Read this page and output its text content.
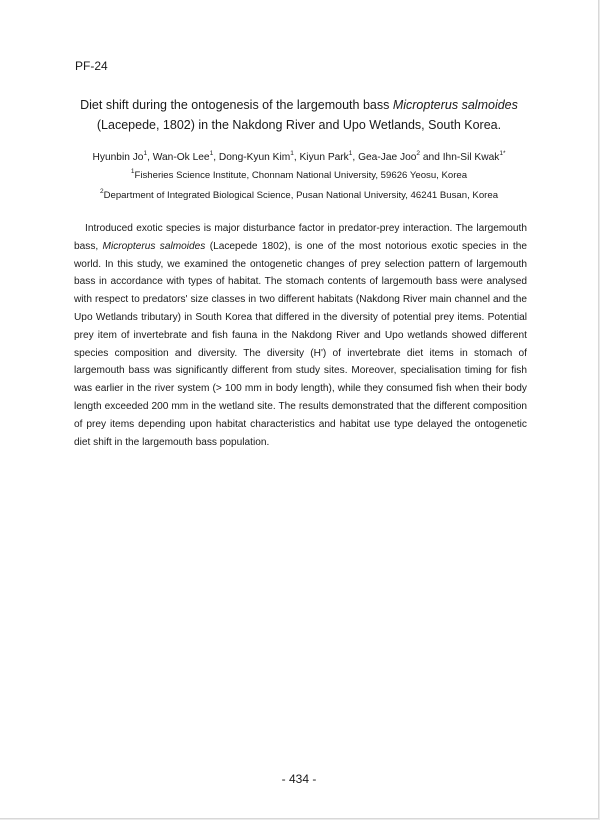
PF-24
Diet shift during the ontogenesis of the largemouth bass Micropterus salmoides (Lacepede, 1802) in the Nakdong River and Upo Wetlands, South Korea.
Hyunbin Jo$^1$, Wan-Ok Lee$^1$, Dong-Kyun Kim$^1$, Kiyun Park$^1$, Gea-Jae Joo$^2$ and Ihn-Sil Kwak$^{1*}$
$^1$Fisheries Science Institute, Chonnam National University, 59626 Yeosu, Korea
$^2$Department of Integrated Biological Science, Pusan National University, 46241 Busan, Korea

Introduced exotic species is major disturbance factor in predator-prey interaction. The largemouth bass, Micropterus salmoides (Lacepede 1802), is one of the most notorious exotic species in the world. In this study, we examined the ontogenetic changes of prey selection pattern of largemouth bass in accordance with types of habitat. The stomach contents of largemouth bass were analysed with respect to predators' size classes in two different habitats (Nakdong River main channel and the Upo Wetlands tributary) in South Korea that differed in the diversity of potential prey items. Potential prey item of invertebrate and fish fauna in the Nakdong River and Upo wetlands showed different species composition and diversity. The diversity (H') of invertebrate diet items in stomach of largemouth bass was significantly different from study sites. Moreover, specialisation timing for fish was earlier in the river system (> 100 mm in body length), while they consumed fish when their body length exceeded 200 mm in the wetland site. The results demonstrated that the different composition of prey items depending upon habitat characteristics and habitat use type delayed the ontogenetic diet shift in the largemouth bass population.

- 434 -
